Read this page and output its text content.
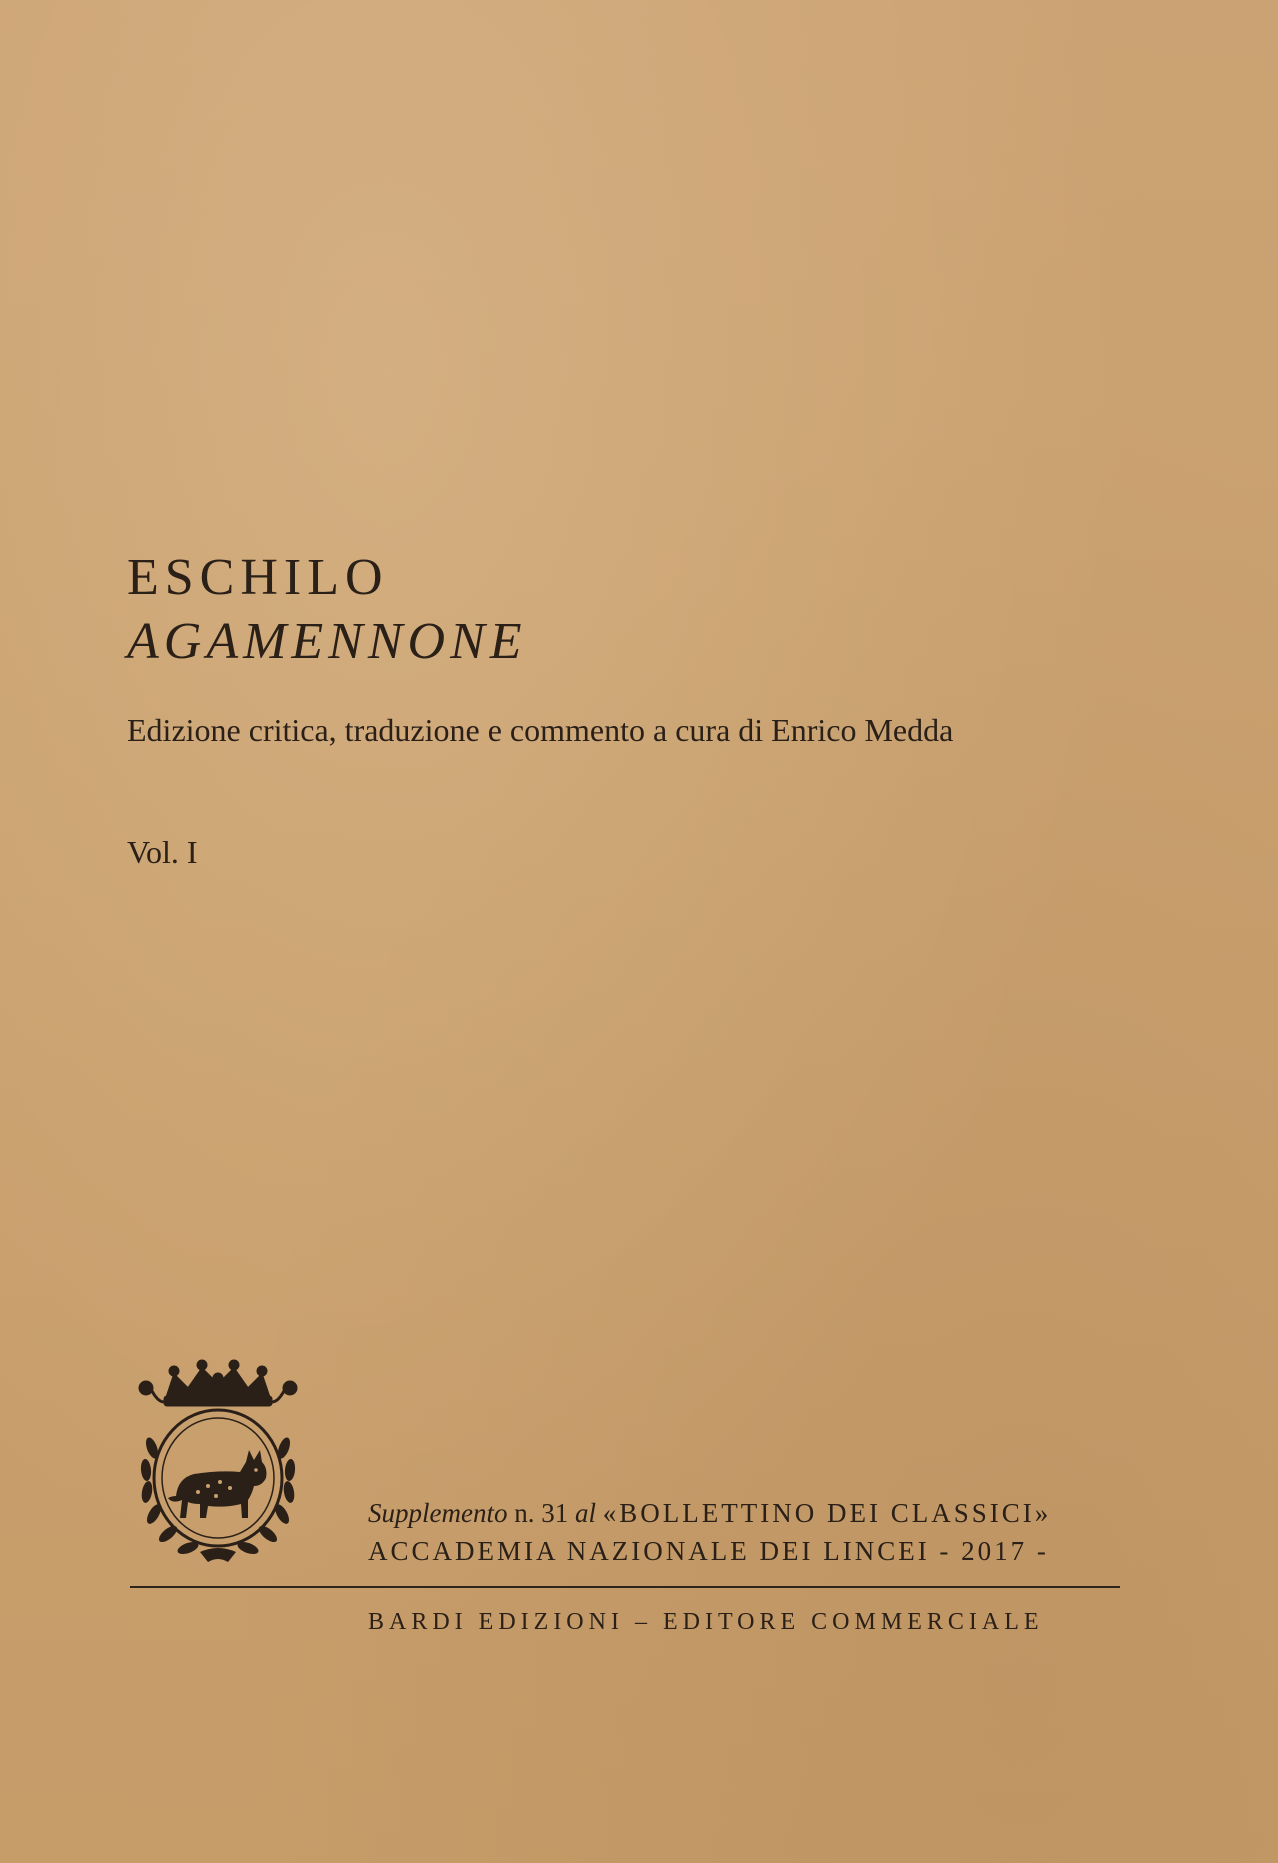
ESCHILO
AGAMENNONE
Edizione critica, traduzione e commento a cura di Enrico Medda
Vol. I
Supplemento n. 31 al «BOLLETTINO DEI CLASSICI»
ACCADEMIA NAZIONALE DEI LINCEI - 2017 -
BARDI EDIZIONI – EDITORE COMMERCIALE
